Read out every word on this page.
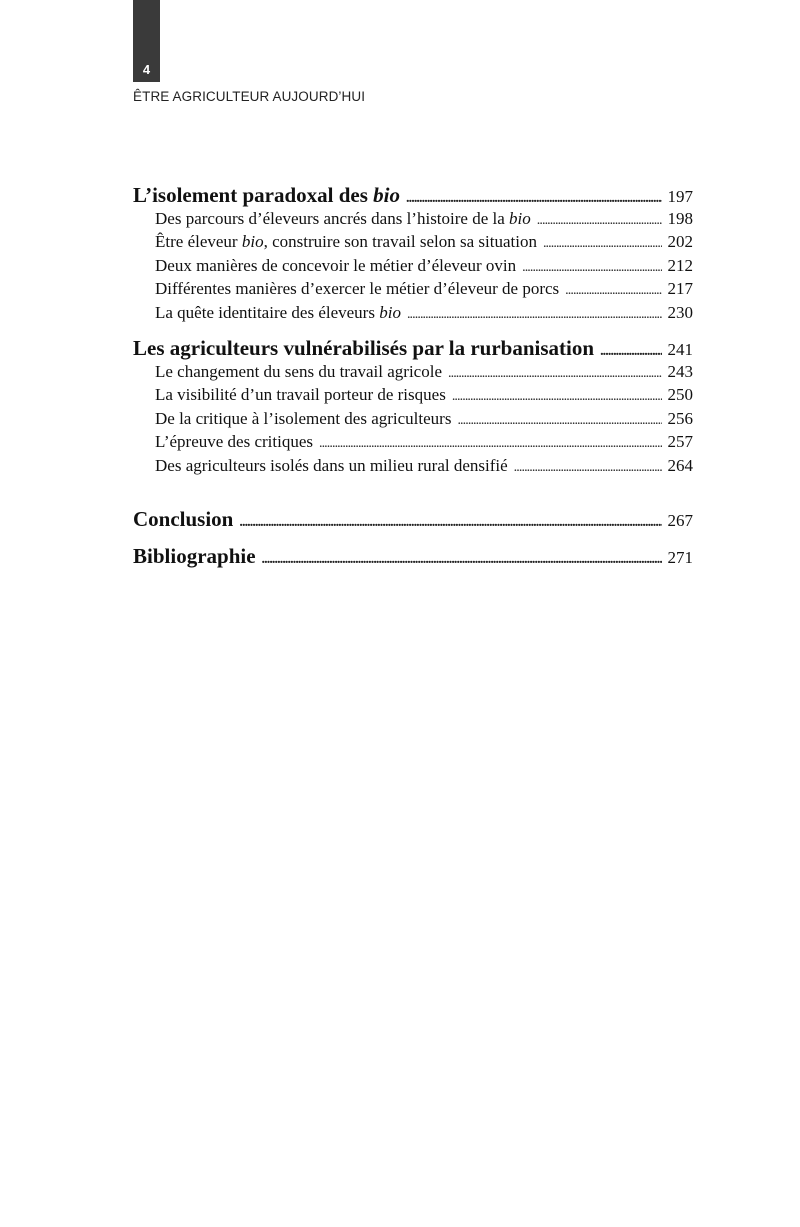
4
ÊTRE AGRICULTEUR AUJOURD’HUI
L’isolement paradoxal des bio . . .	197
Des parcours d’éleveurs ancrés dans l’histoire de la bio . . .	198
Être éleveur bio, construire son travail selon sa situation . . .	202
Deux manières de concevoir le métier d’éleveur ovin . . .	212
Différentes manières d’exercer le métier d’éleveur de porcs . . .	217
La quête identitaire des éleveurs bio . . .	230
Les agriculteurs vulnérabilisés par la rurbanisation . . .	241
Le changement du sens du travail agricole . . .	243
La visibilité d’un travail porteur de risques . . .	250
De la critique à l’isolement des agriculteurs . . .	256
L’épreuve des critiques . . .	257
Des agriculteurs isolés dans un milieu rural densifié . . .	264
Conclusion . . .	267
Bibliographie . . .	271
